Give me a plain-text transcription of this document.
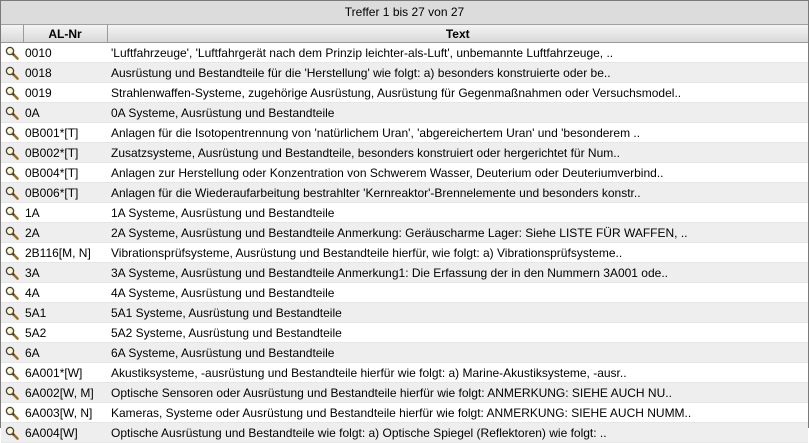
Treffer 1 bis 27 von 27
	AL-Nr	Text
	0010	'Luftfahrzeuge', 'Luftfahrgerät nach dem Prinzip leichter-als-Luft', unbemannte Luftfahrzeuge, ..
	0018	Ausrüstung und Bestandteile für die 'Herstellung' wie folgt: a) besonders konstruierte oder be..
	0019	Strahlenwaffen-Systeme, zugehörige Ausrüstung, Ausrüstung für Gegenmaßnahmen oder Versuchsmodel..
	0A	0A Systeme, Ausrüstung und Bestandteile
	0B001*[T]	Anlagen für die Isotopentrennung von 'natürlichem Uran', 'abgereichertem Uran' und 'besonderem ..
	0B002*[T]	Zusatzsysteme, Ausrüstung und Bestandteile, besonders konstruiert oder hergerichtet für Num..
	0B004*[T]	Anlagen zur Herstellung oder Konzentration von Schwerem Wasser, Deuterium oder Deuteriumverbind..
	0B006*[T]	Anlagen für die Wiederaufarbeitung bestrahlter 'Kernreaktor'-Brennelemente und besonders konstr..
	1A	1A Systeme, Ausrüstung und Bestandteile
	2A	2A Systeme, Ausrüstung und Bestandteile Anmerkung: Geräuscharme Lager: Siehe LISTE FÜR WAFFEN, ..
	2B116[M, N]	Vibrationsprüfsysteme, Ausrüstung und Bestandteile hierfür, wie folgt: a) Vibrationsprüfsysteme..
	3A	3A Systeme, Ausrüstung und Bestandteile Anmerkung1: Die Erfassung der in den Nummern 3A001 ode..
	4A	4A Systeme, Ausrüstung und Bestandteile
	5A1	5A1 Systeme, Ausrüstung und Bestandteile
	5A2	5A2 Systeme, Ausrüstung und Bestandteile
	6A	6A Systeme, Ausrüstung und Bestandteile
	6A001*[W]	Akustiksysteme, -ausrüstung und Bestandteile hierfür wie folgt: a) Marine-Akustiksysteme, -ausr..
	6A002[W, M]	Optische Sensoren oder Ausrüstung und Bestandteile hierfür wie folgt: ANMERKUNG: SIEHE AUCH NU..
	6A003[W, N]	Kameras, Systeme oder Ausrüstung und Bestandteile hierfür wie folgt: ANMERKUNG: SIEHE AUCH NUMM..
	6A004[W]	Optische Ausrüstung und Bestandteile wie folgt: a) Optische Spiegel (Reflektoren) wie folgt: ..
